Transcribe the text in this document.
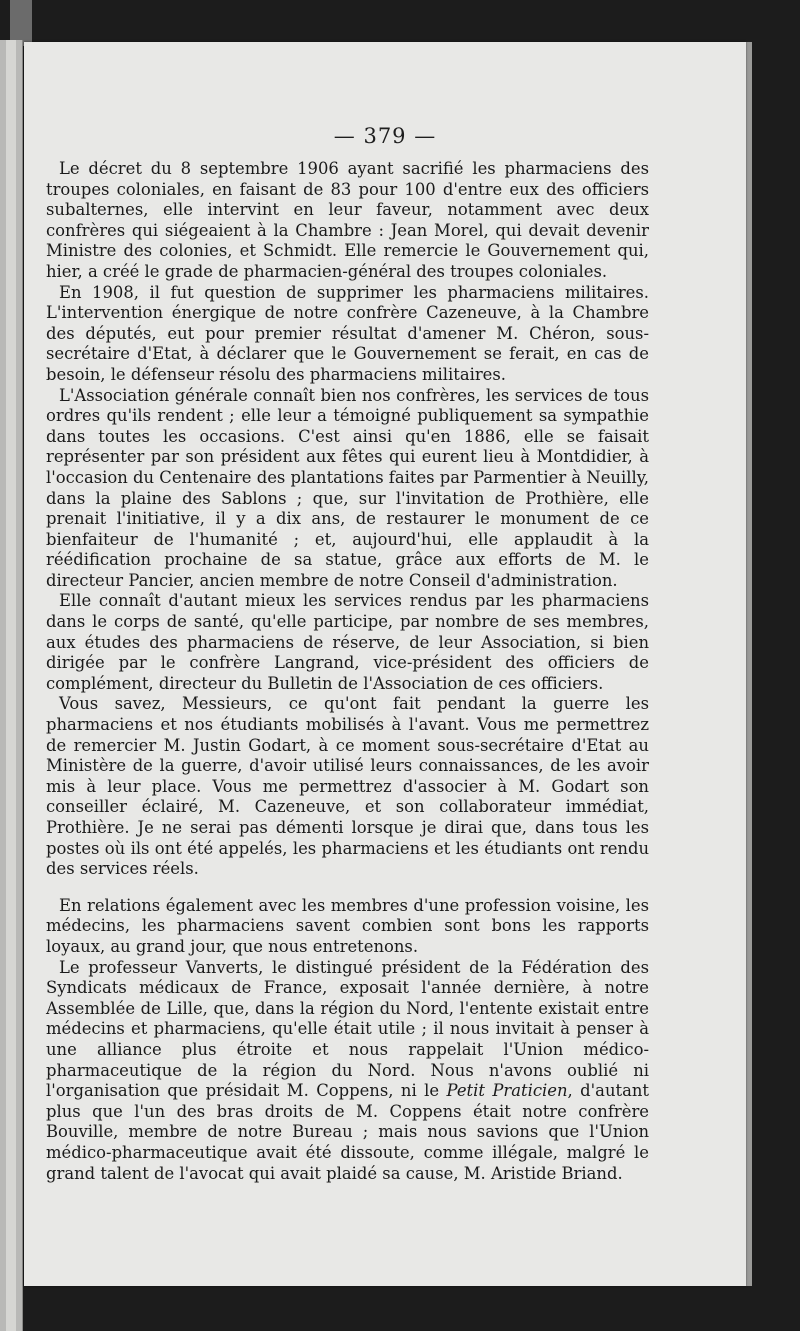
— 379 —

Le décret du 8 septembre 1906 ayant sacrifié les pharmaciens des troupes coloniales, en faisant de 83 pour 100 d'entre eux des officiers subalternes, elle intervint en leur faveur, notamment avec deux confrères qui siégeaient à la Chambre : Jean Morel, qui devait devenir Ministre des colonies, et Schmidt. Elle remercie le Gouvernement qui, hier, a créé le grade de pharmacien-général des troupes coloniales.

En 1908, il fut question de supprimer les pharmaciens militaires. L'intervention énergique de notre confrère Cazeneuve, à la Chambre des députés, eut pour premier résultat d'amener M. Chéron, sous-secrétaire d'Etat, à déclarer que le Gouvernement se ferait, en cas de besoin, le défenseur résolu des pharmaciens militaires.

L'Association générale connaît bien nos confrères, les services de tous ordres qu'ils rendent ; elle leur a témoigné publiquement sa sympathie dans toutes les occasions. C'est ainsi qu'en 1886, elle se faisait représenter par son président aux fêtes qui eurent lieu à Montdidier, à l'occasion du Centenaire des plantations faites par Parmentier à Neuilly, dans la plaine des Sablons ; que, sur l'invitation de Prothière, elle prenait l'initiative, il y a dix ans, de restaurer le monument de ce bienfaiteur de l'humanité ; et, aujourd'hui, elle applaudit à la réédification prochaine de sa statue, grâce aux efforts de M. le directeur Pancier, ancien membre de notre Conseil d'administration.

Elle connaît d'autant mieux les services rendus par les pharmaciens dans le corps de santé, qu'elle participe, par nombre de ses membres, aux études des pharmaciens de réserve, de leur Association, si bien dirigée par le confrère Langrand, vice-président des officiers de complément, directeur du Bulletin de l'Association de ces officiers.

Vous savez, Messieurs, ce qu'ont fait pendant la guerre les pharmaciens et nos étudiants mobilisés à l'avant. Vous me permettrez de remercier M. Justin Godart, à ce moment sous-secrétaire d'Etat au Ministère de la guerre, d'avoir utilisé leurs connaissances, de les avoir mis à leur place. Vous me permettrez d'associer à M. Godart son conseiller éclairé, M. Cazeneuve, et son collaborateur immédiat, Prothière. Je ne serai pas démenti lorsque je dirai que, dans tous les postes où ils ont été appelés, les pharmaciens et les étudiants ont rendu des services réels.

En relations également avec les membres d'une profession voisine, les médecins, les pharmaciens savent combien sont bons les rapports loyaux, au grand jour, que nous entretenons.

Le professeur Vanverts, le distingué président de la Fédération des Syndicats médicaux de France, exposait l'année dernière, à notre Assemblée de Lille, que, dans la région du Nord, l'entente existait entre médecins et pharmaciens, qu'elle était utile ; il nous invitait à penser à une alliance plus étroite et nous rappelait l'Union médico-pharmaceutique de la région du Nord. Nous n'avons oublié ni l'organisation que présidait M. Coppens, ni le Petit Praticien, d'autant plus que l'un des bras droits de M. Coppens était notre confrère Bouville, membre de notre Bureau ; mais nous savions que l'Union médico-pharmaceutique avait été dissoute, comme illégale, malgré le grand talent de l'avocat qui avait plaidé sa cause, M. Aristide Briand.
